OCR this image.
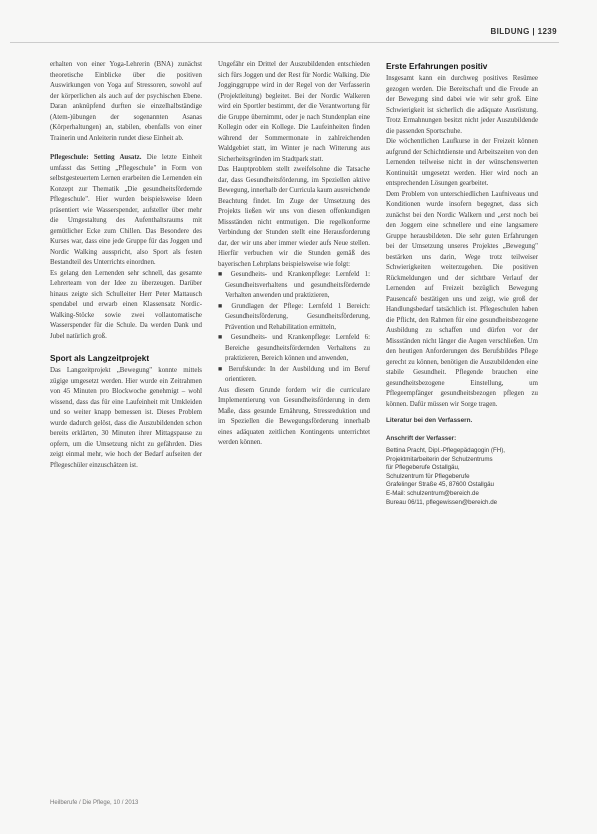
BILDUNG | 1239

erhalten von einer Yoga-Lehrerin (BNA) zunächst theoretische Einblicke über die positiven Auswirkungen von Yoga auf Stressoren, sowohl auf der körperlichen als auch auf der psychischen Ebene. Daran anknüpfend durften sie einzelhalbständige (Atem-)übungen der sogenannten Asanas (Körperhaltungen) an, stabilen, ebenfalls von einer Trainerin und Anleiterin rundet diese Einheit ab.

Pflegeschule: Setting Ausatz. Die letzte Einheit umfasst das Setting „Pflegeschule" in Form von selbstgesteuertem Lernen erarbeiten die Lernenden ein Konzept zur Thematik „Die gesundheitsfördernde Pflegeschule". Hier wurden beispielsweise Ideen präsentiert wie Wasserspender, aufsteller über mehr die Umgestaltung des Aufenthaltsraums mit gemütlicher Ecke zum Chillen. Das Besondere des Kurses war, dass eine jede Gruppe für das Joggen und Nordic Walking ausspricht, also Sport als festen Bestandteil des Unterrichts einordnen.

Es gelang den Lernenden sehr schnell, das gesamte Lehrerteam von der Idee zu überzeugen. Darüber hinaus zeigte sich Schulleiter Herr Peter Mattausch spendabel und erwarb einen Klassensatz Nordic-Walking-Stöcke sowie zwei vollautomatische Wasserspender für die Schule. Da werden Dank und Jubel natürlich groß.

Sport als Langzeitprojekt

Das Langzeitprojekt „Bewegung" konnte mittels zügige umgesetzt werden. Hier wurde ein Zeitrahmen von 45 Minuten pro Blockwoche genehmigt – wohl wissend, dass das für eine Laufeinheit mit Umkleiden und so weiter knapp bemessen ist. Dieses Problem wurde dadurch gelöst, dass die Auszubildenden schon bereits erklärten, 30 Minuten ihrer Mittagspause zu opfern, um die Umsetzung nicht zu gefährden. Dies zeigt einmal mehr, wie hoch der Bedarf aufseiten der Pflegeschüler einzuschätzen ist.

Ungefähr ein Drittel der Auszubildenden entschieden sich fürs Joggen und der Rest für Nordic Walking. Die Jogginggruppe wird in der Regel von der Verfasserin (Projektleitung) begleitet. Bei der Nordic Walkeren wird ein Sportler bestimmt, der die Verantwortung für die Gruppe übernimmt, oder je nach Stundenplan eine Kollegin oder ein Kollege. Die Laufeinheiten finden während der Sommermonate in zahlreichenden Waldgebiet statt, im Winter je nach Witterung aus Sicherheitsgründen im Stadtpark statt.

Das Hauptproblem stellt zweifelsohne die Tatsache dar, dass Gesundheitsförderung, im Speziellen aktive Bewegung, innerhalb der Curricula kaum ausreichende Beachtung findet. Im Zuge der Umsetzung des Projekts ließen wir uns von diesen offenkundigen Missständen nicht entmutigen. Die regelkonforme Verbindung der Stunden stellt eine Herausforderung dar, der wir uns aber immer wieder aufs Neue stellen. Hierfür verbuchen wir die Stunden gemäß des bayerischen Lehrplans beispielsweise wie folgt:

■ Gesundheits- und Krankenpflege: Lernfeld 1: Gesundheitsverhaltens und gesundheitsfördernde Verhalten anwenden und praktizieren,

■ Grundlagen der Pflege: Lernfeld 1 Bereich: Gesundheitsförderung, Gesundheitsförderung, Prävention und Rehabilitation ermitteln,

■ Gesundheits- und Krankenpflege: Lernfeld 6: Bereiche gesundheitsfördernden Verhaltens zu praktizieren, Bereich können und anwenden,

■ Berufskunde: In der Ausbildung und im Beruf orientieren.

Aus diesem Grunde fordern wir die curriculare Implementierung von Gesundheitsförderung in dem Maße, dass gesunde Ernährung, Stressreduktion und im Speziellen die Bewegungsförderung innerhalb eines adäquaten zeitlichen Kontingents unterrichtet werden können.

Erste Erfahrungen positiv

Insgesamt kann ein durchweg positives Resümee gezogen werden. Die Bereitschaft und die Freude an der Bewegung sind dabei wie wir sehr groß. Eine Schwierigkeit ist sicherlich die adäquate Ausrüstung. Trotz Ermahnungen besitzt nicht jeder Auszubildende die passenden Sportschuhe.

Die wöchentlichen Laufkurse in der Freizeit können aufgrund der Schichtdienste und Arbeitszeiten von den Lernenden teilweise nicht in der wünschenswerten Kontinuität umgesetzt werden. Hier wird noch an entsprechenden Lösungen gearbeitet.

Dem Problem von unterschiedlichen Laufniveaus und Konditionen wurde insofern begegnet, dass sich zunächst bei den Nordic Walkern und „erst noch bei den Joggern eine schnellere und eine langsamere Gruppe herausbildeten. Die sehr guten Erfahrungen bei der Umsetzung unseres Projektes „Bewegung" bestärken uns darin, Wege trotz teilweiser Schwierigkeiten weiterzugehen. Die positiven Rückmeldungen und der sichtbare Verlauf der Lernenden auf Freizeit bezüglich Bewegung Pausencafé bestätigen uns und zeigt, wie groß der Handlungsbedarf tatsächlich ist. Pflegeschulen haben die Pflicht, den Rahmen für eine gesundheitsbezogene Ausbildung zu schaffen und dürfen vor der Missständen nicht länger die Augen verschließen. Um den heutigen Anforderungen des Berufsbildes Pflege gerecht zu können, benötigen die Auszubildenden eine stabile Gesundheit. Pflegende brauchen eine gesundheitsbezogene Einstellung, um Pflegeempfänger gesundheitsbezogen pflegen zu können. Dafür müssen wir Sorge tragen.

Literatur bei den Verfassern.
Anschrift der Verfasser:
Bettina Pracht, Dipl.-Pflegepädagogin (FH), Projektmitarbeiterin der Schulzentrums
für Pflegeberufe Ostallgäu,
Schulzentrum für Pflegeberufe
Grafelinger Straße 45, 87600 Ostallgäu
E-Mail: schulzentrum@bereich.de
Bureau 06/11, pflegewissen@bereich.de
Heilberufe / Die Pflege, 10 / 2013
